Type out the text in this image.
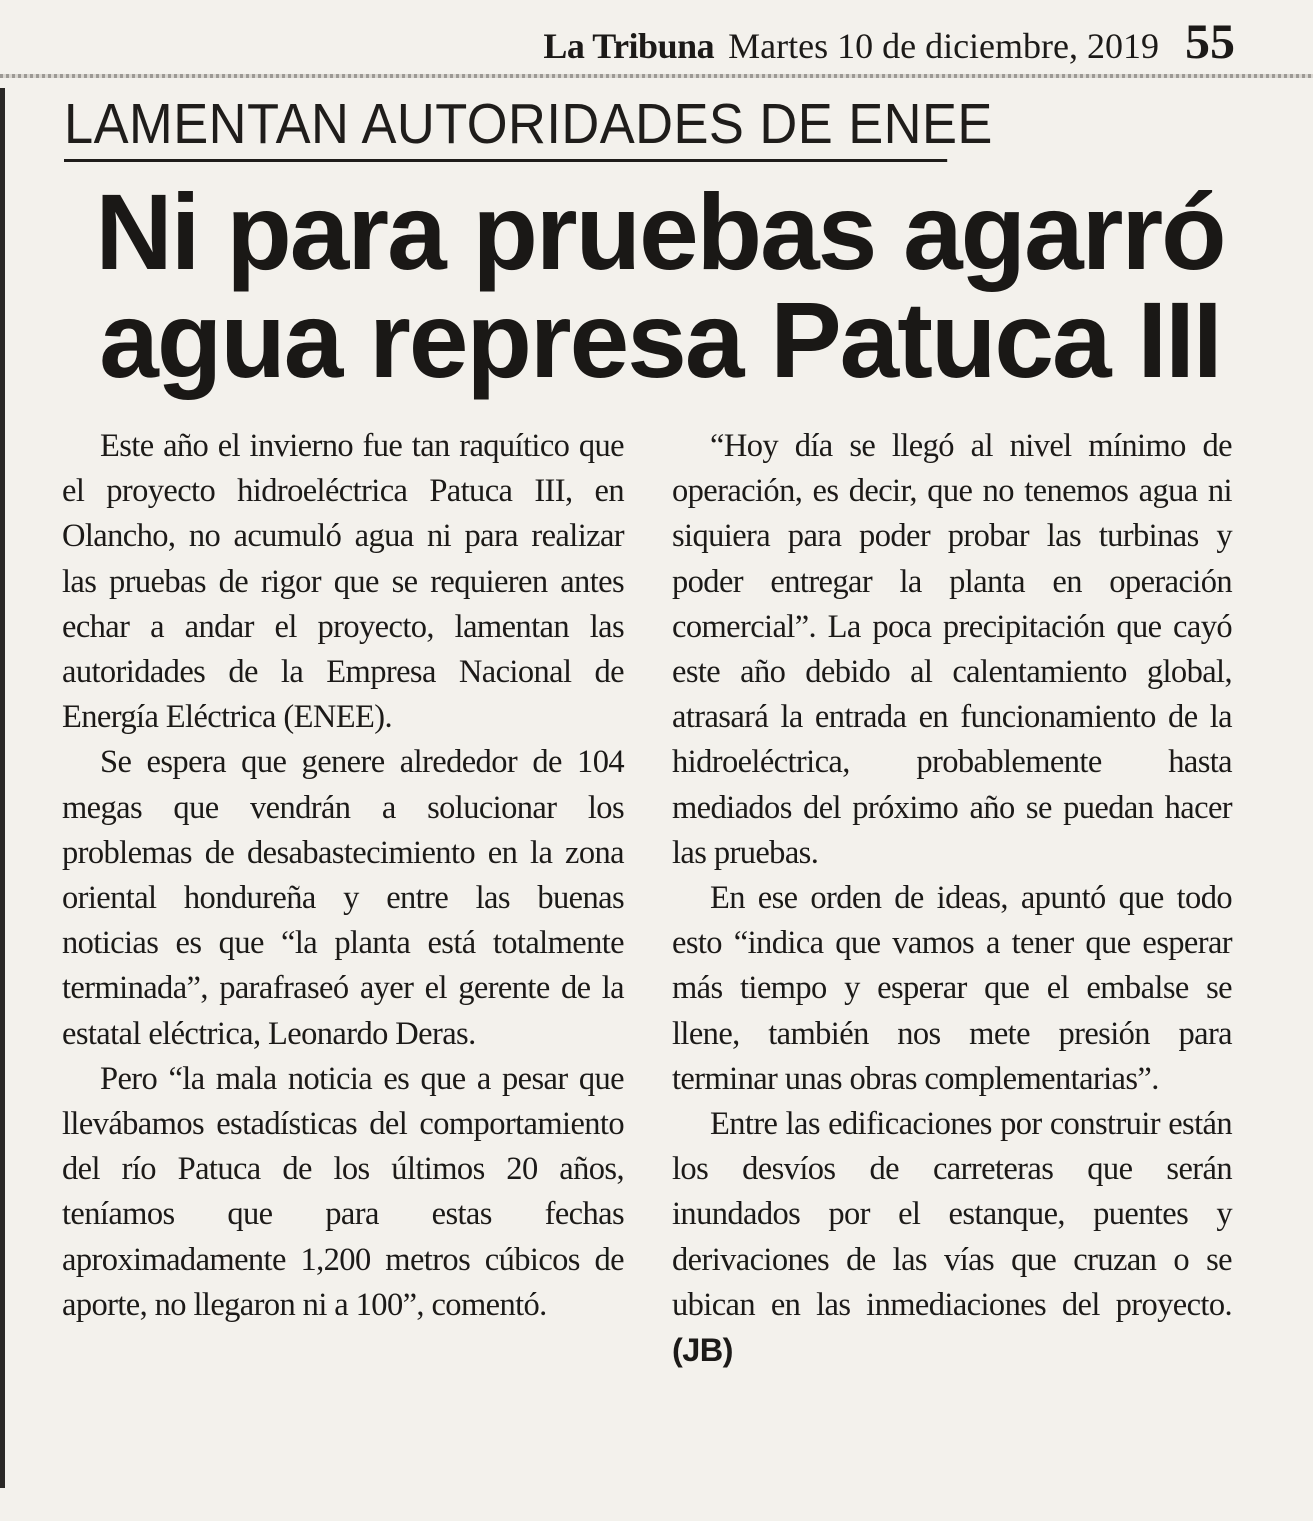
La Tribuna Martes 10 de diciembre, 2019 55
LAMENTAN AUTORIDADES DE ENEE
Ni para pruebas agarró
agua represa Patuca III

Este año el invierno fue tan raquítico que el proyecto hidroeléctrica Patuca III, en Olancho, no acumuló agua ni para realizar las pruebas de rigor que se requieren antes echar a andar el proyecto, lamentan las autoridades de la Empresa Nacional de Energía Eléctrica (ENEE).

Se espera que genere alrededor de 104 megas que vendrán a solucionar los problemas de desabastecimiento en la zona oriental hondureña y entre las buenas noticias es que “la planta está totalmente terminada”, parafraseó ayer el gerente de la estatal eléctrica, Leonardo Deras.

Pero “la mala noticia es que a pesar que llevábamos estadísticas del comportamiento del río Patuca de los últimos 20 años, teníamos que para estas fechas aproximadamente 1,200 metros cúbicos de aporte, no llegaron ni a 100”, comentó.

“Hoy día se llegó al nivel mínimo de operación, es decir, que no tenemos agua ni siquiera para poder probar las turbinas y poder entregar la planta en operación comercial”. La poca precipitación que cayó este año debido al calentamiento global, atrasará la entrada en funcionamiento de la hidroeléctrica, probablemente hasta mediados del próximo año se puedan hacer las pruebas.

En ese orden de ideas, apuntó que todo esto “indica que vamos a tener que esperar más tiempo y esperar que el embalse se llene, también nos mete presión para terminar unas obras complementarias”.

Entre las edificaciones por construir están los desvíos de carreteras que serán inundados por el estanque, puentes y derivaciones de las vías que cruzan o se ubican en las inmediaciones del proyecto. (JB)
